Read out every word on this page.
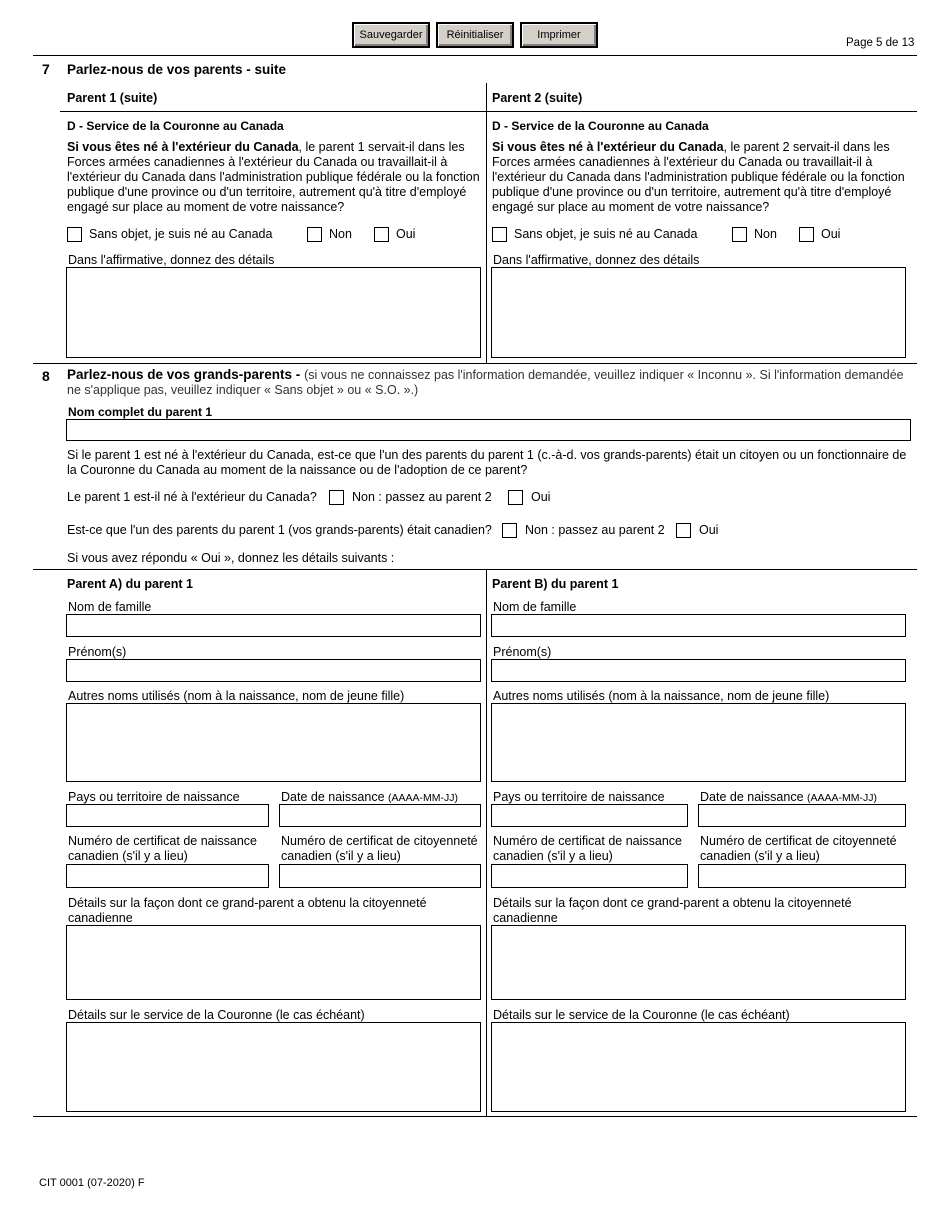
Sauvegarder	Réinitialiser	Imprimer
Page 5 de 13
7 Parlez-nous de vos parents - suite
Parent 1 (suite)	Parent 2 (suite)
D - Service de la Couronne au Canada
Si vous êtes né à l'extérieur du Canada, le parent 1 servait-il dans les Forces armées canadiennes à l'extérieur du Canada ou travaillait-il à l'extérieur du Canada dans l'administration publique fédérale ou la fonction publique d'une province ou d'un territoire, autrement qu'à titre d'employé engagé sur place au moment de votre naissance?
Sans objet, je suis né au Canada	Non	Oui
Dans l'affirmative, donnez des détails
D - Service de la Couronne au Canada
Si vous êtes né à l'extérieur du Canada, le parent 2 servait-il dans les Forces armées canadiennes à l'extérieur du Canada ou travaillait-il à l'extérieur du Canada dans l'administration publique fédérale ou la fonction publique d'une province ou d'un territoire, autrement qu'à titre d'employé engagé sur place au moment de votre naissance?
Sans objet, je suis né au Canada	Non	Oui
Dans l'affirmative, donnez des détails
8 Parlez-nous de vos grands-parents - (si vous ne connaissez pas l'information demandée, veuillez indiquer « Inconnu ». Si l'information demandée ne s'applique pas, veuillez indiquer « Sans objet » ou « S.O. ».)
Nom complet du parent 1
Si le parent 1 est né à l'extérieur du Canada, est-ce que l'un des parents du parent 1 (c.-à-d. vos grands-parents) était un citoyen ou un fonctionnaire de la Couronne du Canada au moment de la naissance ou de l'adoption de ce parent?
Le parent 1 est-il né à l'extérieur du Canada?	Non : passez au parent 2	Oui
Est-ce que l'un des parents du parent 1 (vos grands-parents) était canadien?	Non : passez au parent 2	Oui
Si vous avez répondu « Oui », donnez les détails suivants :
Parent A) du parent 1
Nom de famille
Prénom(s)
Autres noms utilisés (nom à la naissance, nom de jeune fille)
Pays ou territoire de naissance	Date de naissance (AAAA-MM-JJ)
Numéro de certificat de naissance canadien (s'il y a lieu)
Numéro de certificat de citoyenneté canadien (s'il y a lieu)
Détails sur la façon dont ce grand-parent a obtenu la citoyenneté canadienne
Détails sur le service de la Couronne (le cas échéant)
Parent B) du parent 1
Nom de famille
Prénom(s)
Autres noms utilisés (nom à la naissance, nom de jeune fille)
Pays ou territoire de naissance	Date de naissance (AAAA-MM-JJ)
Numéro de certificat de naissance canadien (s'il y a lieu)
Numéro de certificat de citoyenneté canadien (s'il y a lieu)
Détails sur la façon dont ce grand-parent a obtenu la citoyenneté canadienne
Détails sur le service de la Couronne (le cas échéant)
CIT 0001 (07-2020) F
